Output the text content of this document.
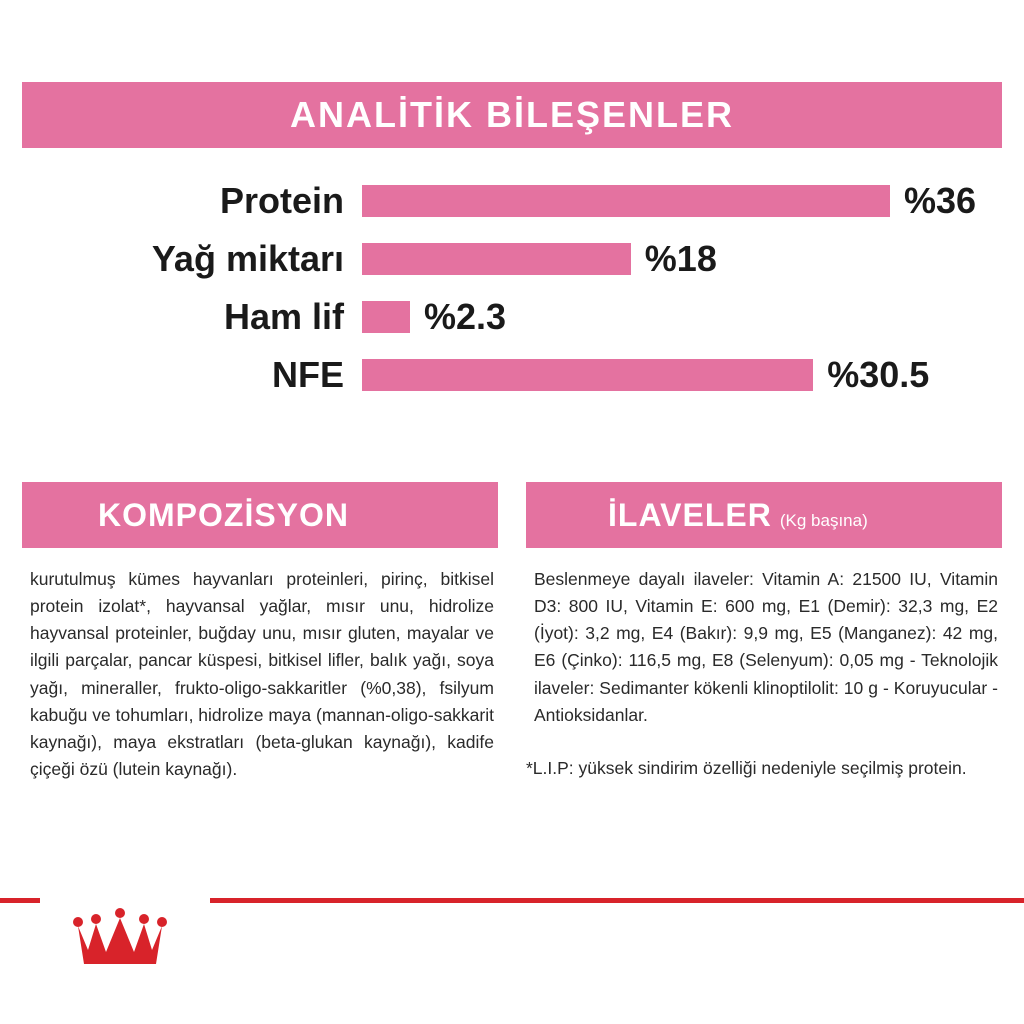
ANALİTİK BİLEŞENLER
Protein	%36
Yağ miktarı	%18
Ham lif	%2.3
NFE	%30.5
KOMPOZİSYON
kurutulmuş kümes hayvanları proteinleri, pirinç, bitkisel protein izolat*, hayvansal yağlar, mısır unu, hidrolize hayvansal proteinler, buğday unu, mısır gluten, mayalar ve ilgili parçalar, pancar küspesi, bitkisel lifler, balık yağı, soya yağı, mineraller, frukto-oligo-sakkaritler (%0,38), fsilyum kabuğu ve tohumları, hidrolize maya (mannan-oligo-sakkarit kaynağı), maya ekstratları (beta-glukan kaynağı), kadife çiçeği özü (lutein kaynağı).
İLAVELER (Kg başına)
Beslenmeye dayalı ilaveler: Vitamin A: 21500 IU, Vitamin D3: 800 IU, Vitamin E: 600 mg, E1 (Demir): 32,3 mg, E2 (İyot): 3,2 mg, E4 (Bakır): 9,9 mg, E5 (Manganez): 42 mg, E6 (Çinko): 116,5 mg, E8 (Selenyum): 0,05 mg - Teknolojik ilaveler: Sedimanter kökenli klinoptilolit: 10 g - Koruyucular - Antioksidanlar.
*L.I.P: yüksek sindirim özelliği nedeniyle seçilmiş protein.
